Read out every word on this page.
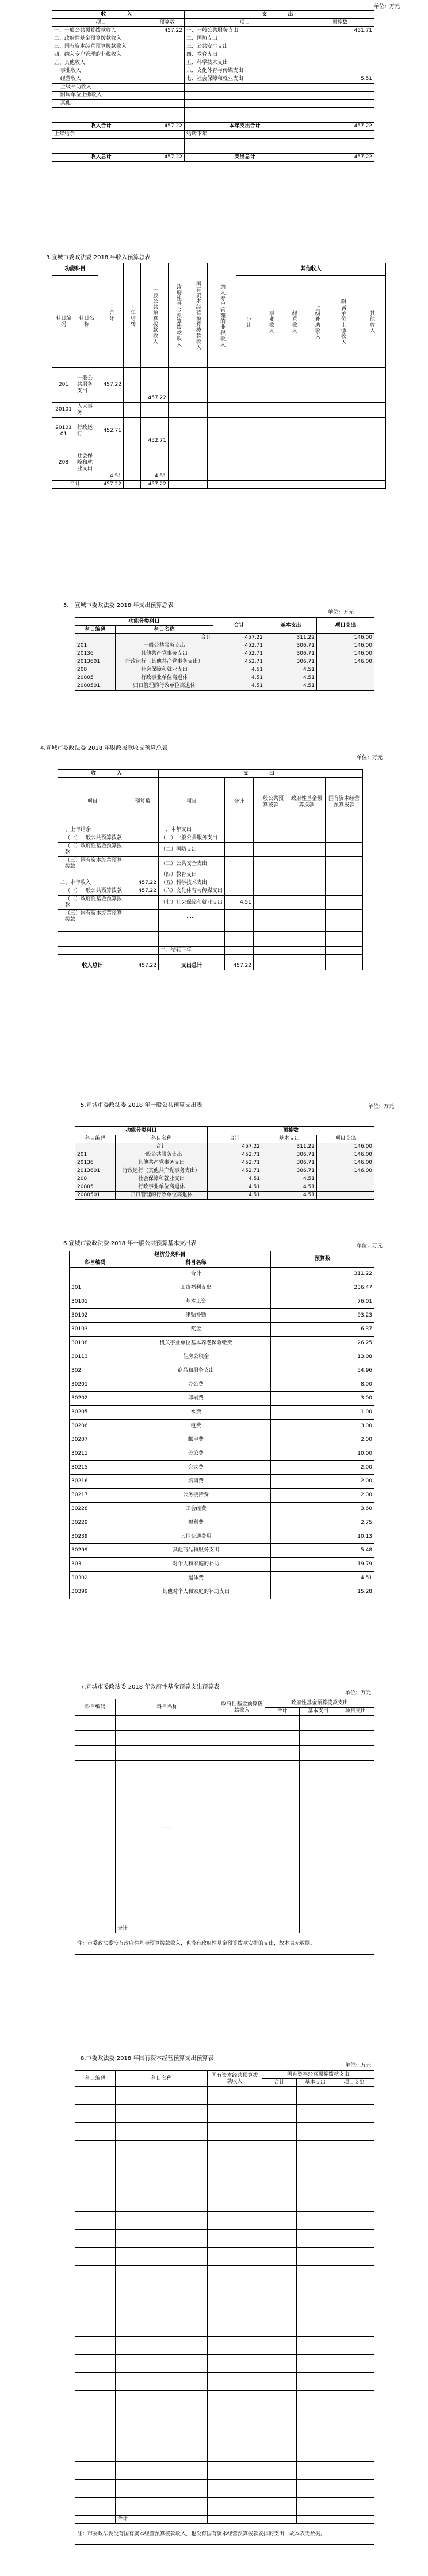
单位：万元
收　　入		支　　出	
项目	预算数	项目	预算数
一、一般公共预算拨款收入	457.22	一、一般公共服务支出	451.71
二、政府性基金预算拨款收入		二、国防支出	
三、国有资本经营预算拨款收入		三、公共安全支出	
四、纳入专户管理的非税收入		四、教育支出	
五、其他收入		五、科学技术支出	
事业收入		六、文化体育与传媒支出	
经营收入		七、社会保障和就业支出	5.51
上级补助收入			
附属单位上缴收入			
其他			

收入合计	457.22	本年支出合计	457.22
上年结余		结转下年	

收入总计	457.22	支出总计	457.22
3.宣城市委政法委 2018 年收入预算总表
功能科目		合计	上年结转	一般公共预算拨款收入	政府性基金预算拨款收入	国有资本经营预算拨款收入	纳入专户管理的非税收入	其他收入					
科目编码	科目名称							小计	事业收入	经营收入	上级补助收入	附属单位上缴收入	其他收入

201	一般公共服务支出	457.22		457.22									
20101	人大事务												
2010101	行政运行	452.71		452.71									
208	社会保障和就业支出	4.51		4.51									
合计		457.22		457.22									
5.　宣城市委政法委 2018 年支出预算总表
单位：万元
功能分类科目		合计	基本支出	项目支出
科目编码	科目名称			
	合计	457.22	311.22	146.00
201	一般公共服务支出	452.71	306.71	146.00
20136	其他共产党事务支出	452.71	306.71	146.00
2013601	行政运行（其他共产党事务支出）	452.71	306.71	146.00
208	社会保障和就业支出	4.51	4.51	
20805	行政事业单位离退休	4.51	4.51	
2080501	归口管理的行政单位离退休	4.51	4.51	
4.宣城市委政法委 2018 年财政拨款收支预算总表
单位：万元
收　　入		支　　出				
项目	预算数	项目	合计	一般公共预算拨款	政府性基金预算拨款	国有资本经营预算拨款
一、上年结余		一、本年支出				
（一）一般公共预算拨款		（一）一般公共服务支出				
（二）政府性基金预算拨款		（二）国防支出				
（三）国有资本经营预算拨款		（三）公共安全支出				
		（四）教育支出				
二、本年收入	457.22	（五）科学技术支出				
（一）一般公共预算拨款	457.22	（六）文化体育与传媒支出				
（二）政府性基金预算拨款		（七）社会保障和就业支出	4.51			
（三）国有资本经营预算拨款		……				

		二、结转下年				

收入总计	457.22	支出总计	457.22			
5.宣城市委政法委 2018 年一般公共预算支出表	单位：万元
功能分类科目		预算数		
科目编码	科目名称	合计	基本支出	项目支出
	合计	457.22	311.22	146.00
201	一般公共服务支出	452.71	306.71	146.00
20136	其他共产党事务支出	452.71	306.71	146.00
2013601	行政运行（其他共产党事务支出）	452.71	306.71	146.00
208	社会保障和就业支出	4.51	4.51	
20805	行政事业单位离退休	4.51	4.51	
2080501	归口管理的行政单位离退休	4.51	4.51	
6.宣城市委政法委 2018 年一般公共预算基本支出表	单位：万元
经济分类科目		预算数
科目编码	科目名称	
	合计	311.22
301	工资福利支出	236.47
30101	基本工资	76.01
30102	津贴补贴	93.23
30103	奖金	6.37
30108	机关事业单位基本养老保险缴费	26.25
30113	住房公积金	13.08
302	商品和服务支出	54.96
30201	办公费	8.00
30202	印刷费	3.00
30205	水费	1.00
30206	电费	3.00
30207	邮电费	2.00
30211	差旅费	10.00
30215	会议费	2.00
30216	培训费	2.00
30217	公务接待费	2.00
30228	工会经费	3.60
30229	福利费	2.75
30239	其他交通费用	10.13
30299	其他商品和服务支出	5.48
303	对个人和家庭的补助	19.79
30302	退休费	4.51
30399	其他对个人和家庭的补助支出	15.28
7.宣城市委政法委 2018 年政府性基金预算支出预算表
单位：万元
科目编码	科目名称	政府性基金预算拨款收入	政府性基金预算拨款支出		
			合计	基本支出	项目支出

	……				

	合计				
注：市委政法委没有政府性基金预算拨款收入，也没有政府性基金预算拨款安排的支出，故本表无数据。					
8.市委政法委 2018 年国有资本经营预算支出预算表
单位：万元
科目编码	科目名称	国有资本经营预算拨款收入	国有资本经营预算拨款支出		
			合计	基本支出	项目支出

	合计				
注：市委政法委没有国有资本经营预算拨款收入，也没有国有资本经营预算拨款安排的支出，故本表无数据。					
